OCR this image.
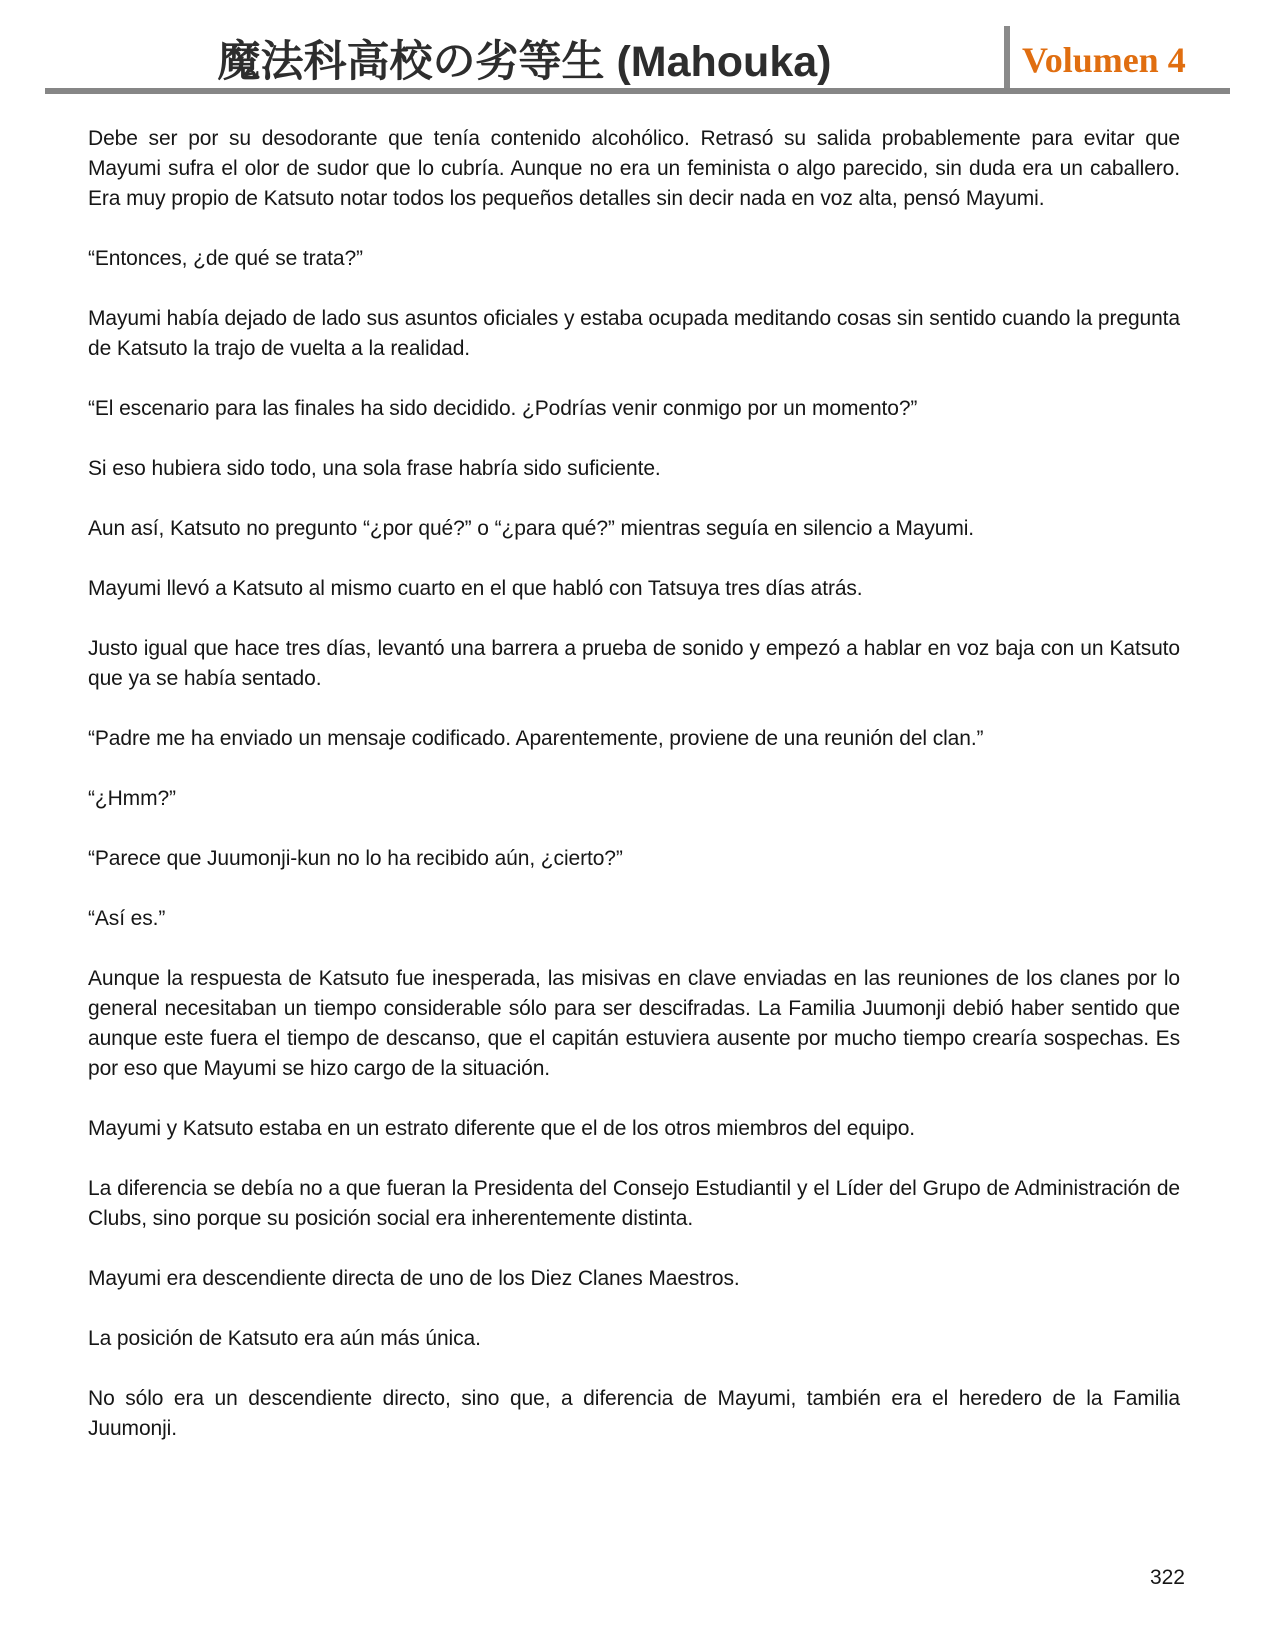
魔法科高校の劣等生 (Mahouka)	Volumen 4

Debe ser por su desodorante que tenía contenido alcohólico. Retrasó su salida probablemente para evitar que Mayumi sufra el olor de sudor que lo cubría. Aunque no era un feminista o algo parecido, sin duda era un caballero. Era muy propio de Katsuto notar todos los pequeños detalles sin decir nada en voz alta, pensó Mayumi.

“Entonces, ¿de qué se trata?”

Mayumi había dejado de lado sus asuntos oficiales y estaba ocupada meditando cosas sin sentido cuando la pregunta de Katsuto la trajo de vuelta a la realidad.

“El escenario para las finales ha sido decidido. ¿Podrías venir conmigo por un momento?”

Si eso hubiera sido todo, una sola frase habría sido suficiente.

Aun así, Katsuto no pregunto “¿por qué?” o “¿para qué?” mientras seguía en silencio a Mayumi.

Mayumi llevó a Katsuto al mismo cuarto en el que habló con Tatsuya tres días atrás.

Justo igual que hace tres días, levantó una barrera a prueba de sonido y empezó a hablar en voz baja con un Katsuto que ya se había sentado.

“Padre me ha enviado un mensaje codificado. Aparentemente, proviene de una reunión del clan.”

“¿Hmm?”

“Parece que Juumonji-kun no lo ha recibido aún, ¿cierto?”

“Así es.”

Aunque la respuesta de Katsuto fue inesperada, las misivas en clave enviadas en las reuniones de los clanes por lo general necesitaban un tiempo considerable sólo para ser descifradas. La Familia Juumonji debió haber sentido que aunque este fuera el tiempo de descanso, que el capitán estuviera ausente por mucho tiempo crearía sospechas. Es por eso que Mayumi se hizo cargo de la situación.

Mayumi y Katsuto estaba en un estrato diferente que el de los otros miembros del equipo.

La diferencia se debía no a que fueran la Presidenta del Consejo Estudiantil y el Líder del Grupo de Administración de Clubs, sino porque su posición social era inherentemente distinta.

Mayumi era descendiente directa de uno de los Diez Clanes Maestros.

La posición de Katsuto era aún más única.

No sólo era un descendiente directo, sino que, a diferencia de Mayumi, también era el heredero de la Familia Juumonji.

322
